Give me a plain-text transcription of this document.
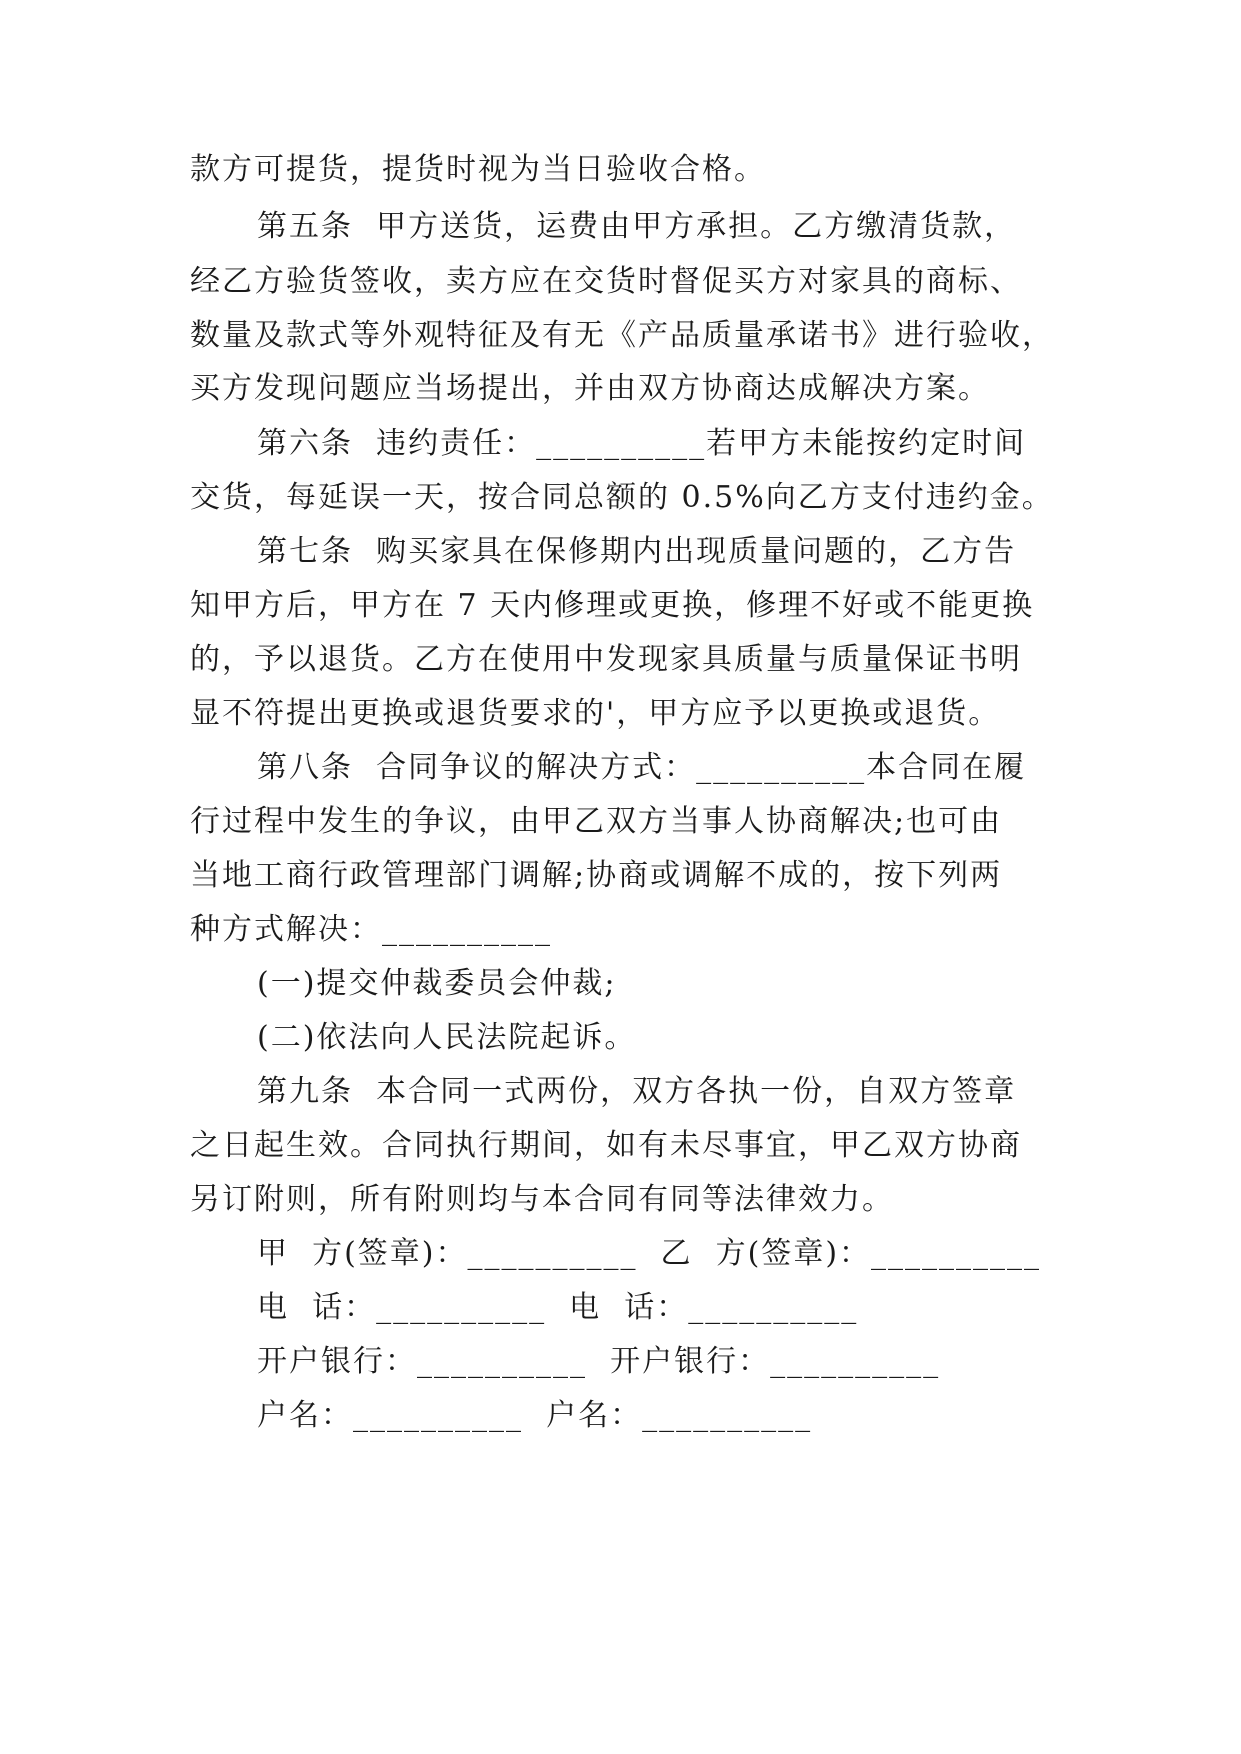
款方可提货，提货时视为当日验收合格。
第五条  甲方送货，运费由甲方承担。乙方缴清货款，
经乙方验货签收，卖方应在交货时督促买方对家具的商标、
数量及款式等外观特征及有无《产品质量承诺书》进行验收，
买方发现问题应当场提出，并由双方协商达成解决方案。
第六条  违约责任：__________若甲方未能按约定时间
交货，每延误一天，按合同总额的 0.5%向乙方支付违约金。
第七条  购买家具在保修期内出现质量问题的，乙方告
知甲方后，甲方在 7 天内修理或更换，修理不好或不能更换
的，予以退货。乙方在使用中发现家具质量与质量保证书明
显不符提出更换或退货要求的'，甲方应予以更换或退货。
第八条  合同争议的解决方式：__________本合同在履
行过程中发生的争议，由甲乙双方当事人协商解决;也可由
当地工商行政管理部门调解;协商或调解不成的，按下列两
种方式解决：__________
(一)提交仲裁委员会仲裁;
(二)依法向人民法院起诉。
第九条  本合同一式两份，双方各执一份，自双方签章
之日起生效。合同执行期间，如有未尽事宜，甲乙双方协商
另订附则，所有附则均与本合同有同等法律效力。
甲  方(签章)：__________  乙  方(签章)：__________
电  话：__________  电  话：__________
开户银行：__________  开户银行：__________
户名：__________  户名：__________
